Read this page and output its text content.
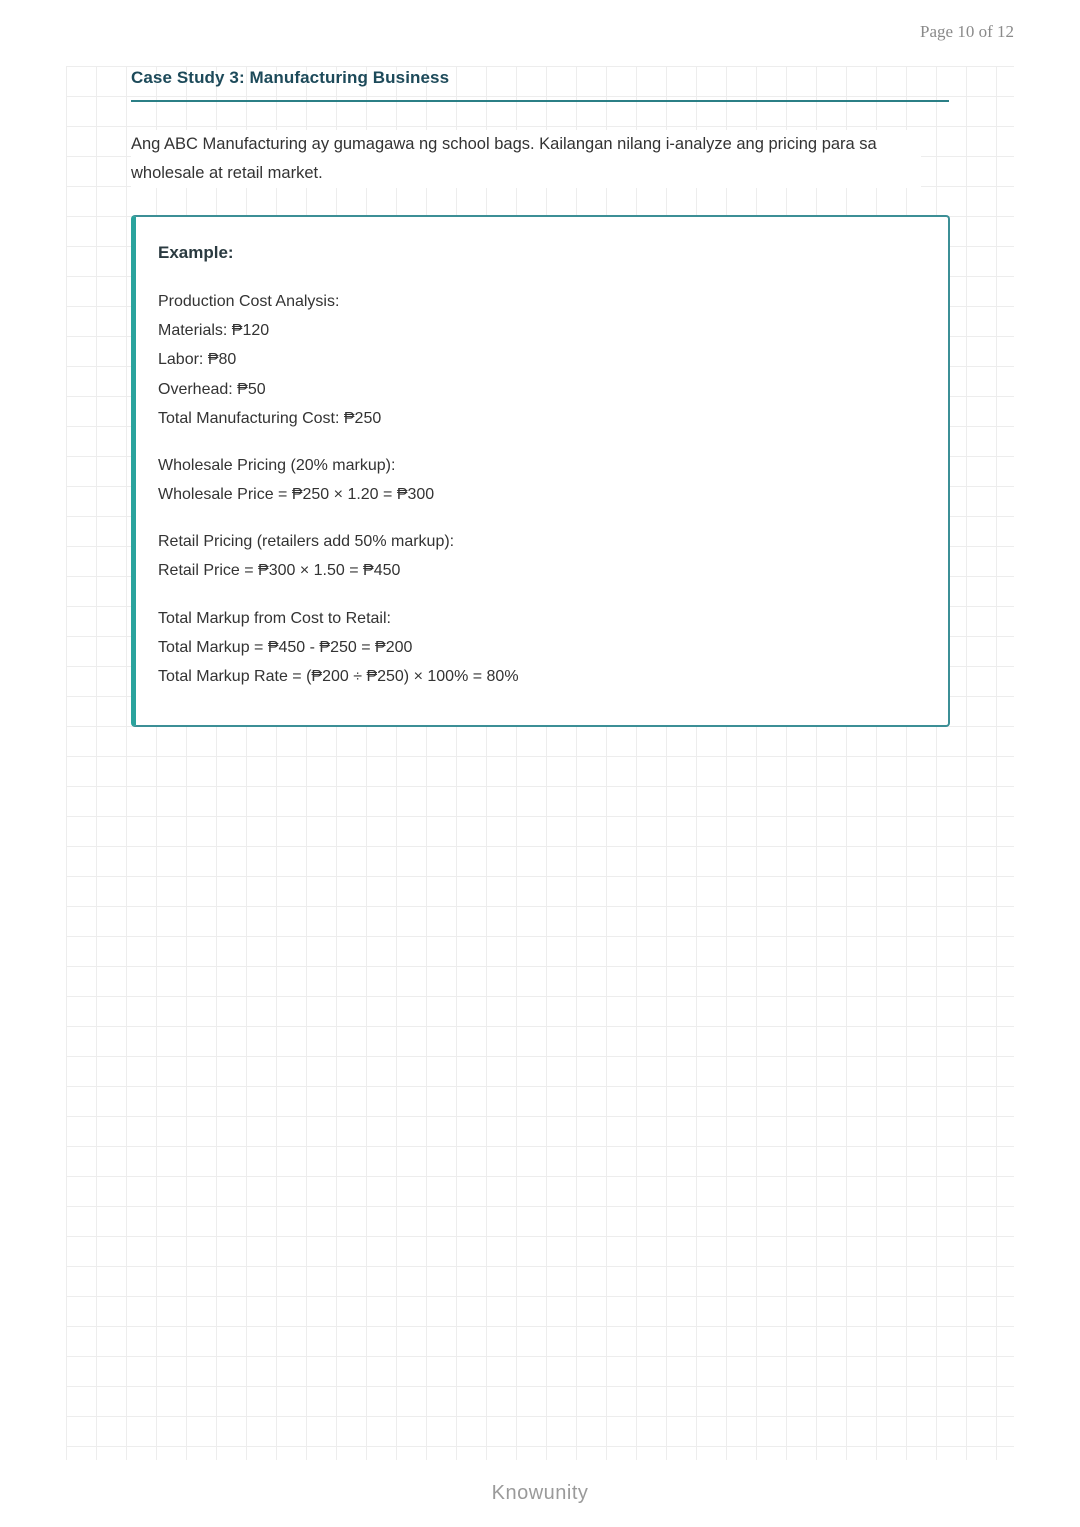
Page 10 of 12
Case Study 3: Manufacturing Business
Ang ABC Manufacturing ay gumagawa ng school bags. Kailangan nilang i-analyze ang pricing para sa wholesale at retail market.
Example:
Production Cost Analysis:
Materials: ₱120
Labor: ₱80
Overhead: ₱50
Total Manufacturing Cost: ₱250
Wholesale Pricing (20% markup):
Wholesale Price = ₱250 × 1.20 = ₱300
Retail Pricing (retailers add 50% markup):
Retail Price = ₱300 × 1.50 = ₱450
Total Markup from Cost to Retail:
Total Markup = ₱450 - ₱250 = ₱200
Total Markup Rate = (₱200 ÷ ₱250) × 100% = 80%
Knowunity
